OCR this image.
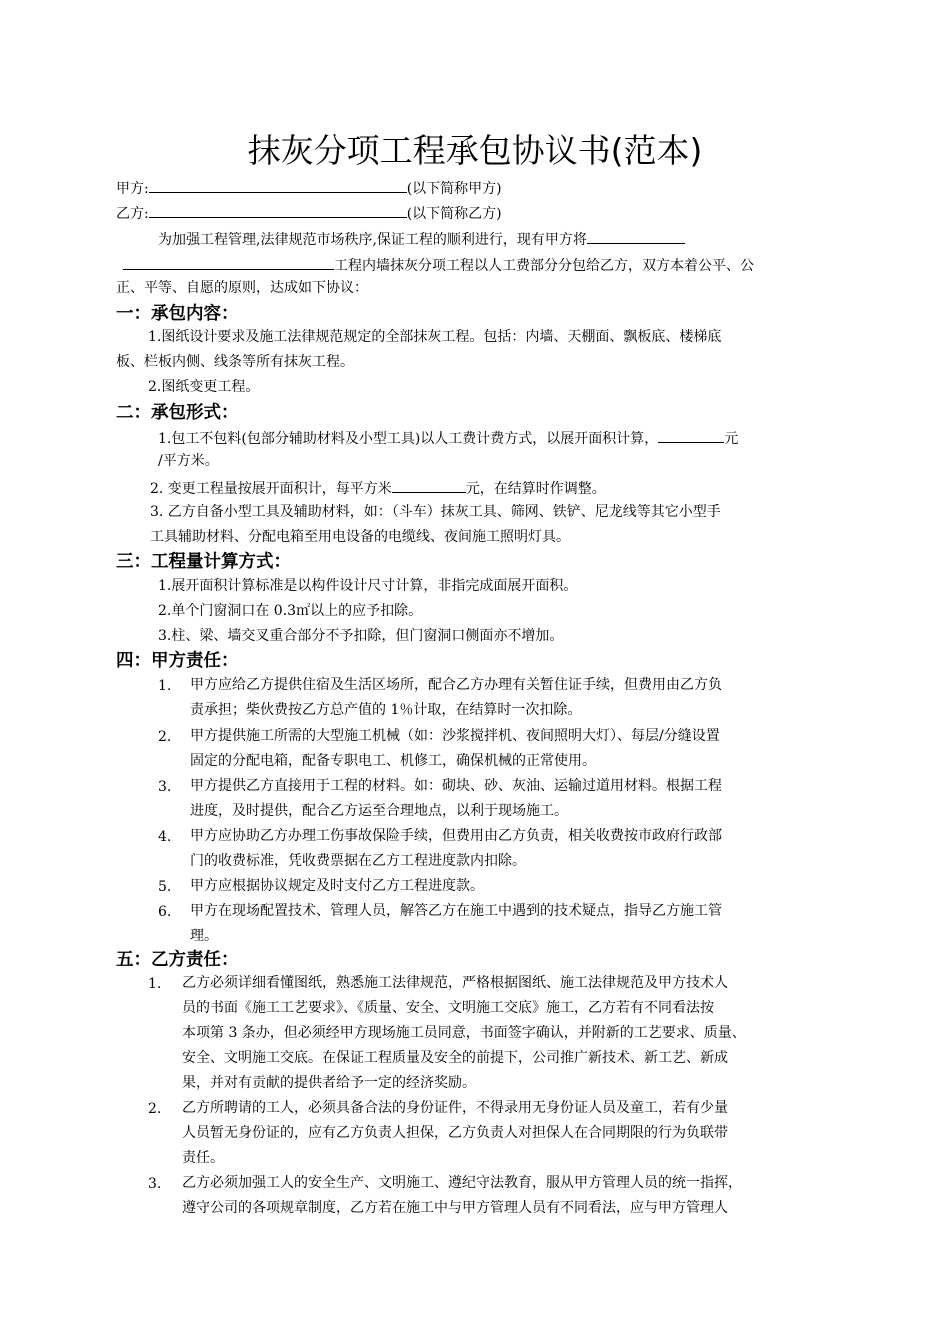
抹灰分项工程承包协议书(范本)
甲方:	(以下简称甲方)
乙方:	(以下简称乙方)
为加强工程管理,法律规范市场秩序,保证工程的顺利进行，现有甲方将
工程内墙抹灰分项工程以人工费部分分包给乙方，双方本着公平、公
正、平等、自愿的原则，达成如下协议：
一：承包内容：
1.图纸设计要求及施工法律规范规定的全部抹灰工程。包括：内墙、天棚面、飘板底、楼梯底
板、栏板内侧、线条等所有抹灰工程。
2.图纸变更工程。
二：承包形式：
1.包工不包料(包部分辅助材料及小型工具)以人工费计费方式，以展开面积计算，	元
/平方米。
2. 变更工程量按展开面积计，每平方米	元，在结算时作调整。
3. 乙方自备小型工具及辅助材料，如：（斗车）抹灰工具、筛网、铁铲、尼龙线等其它小型手
工具辅助材料、分配电箱至用电设备的电缆线、夜间施工照明灯具。
三：工程量计算方式：
1.展开面积计算标准是以构件设计尺寸计算，非指完成面展开面积。
2.单个门窗洞口在 0.3㎡以上的应予扣除。
3.柱、梁、墙交叉重合部分不予扣除，但门窗洞口侧面亦不增加。
四：甲方责任：
1. 甲方应给乙方提供住宿及生活区场所，配合乙方办理有关暂住证手续，但费用由乙方负

责承担；柴伙费按乙方总产值的 1％计取，在结算时一次扣除。

2. 甲方提供施工所需的大型施工机械（如：沙浆搅拌机、夜间照明大灯）、每层/分缝设置

固定的分配电箱，配备专职电工、机修工，确保机械的正常使用。

3. 甲方提供乙方直接用于工程的材料。如：砌块、砂、灰油、运输过道用材料。根据工程

进度，及时提供，配合乙方运至合理地点，以利于现场施工。

4. 甲方应协助乙方办理工伤事故保险手续，但费用由乙方负责，相关收费按市政府行政部

门的收费标准，凭收费票据在乙方工程进度款内扣除。

5. 甲方应根据协议规定及时支付乙方工程进度款。

6. 甲方在现场配置技术、管理人员，解答乙方在施工中遇到的技术疑点，指导乙方施工管

理。

五：乙方责任：
1. 乙方必须详细看懂图纸，熟悉施工法律规范，严格根据图纸、施工法律规范及甲方技术人

员的书面《施工工艺要求》、《质量、安全、文明施工交底》施工，乙方若有不同看法按

本项第 3 条办，但必须经甲方现场施工员同意，书面签字确认，并附新的工艺要求、质量、

安全、文明施工交底。在保证工程质量及安全的前提下，公司推广新技术、新工艺、新成

果，并对有贡献的提供者给予一定的经济奖励。

2. 乙方所聘请的工人，必须具备合法的身份证件，不得录用无身份证人员及童工，若有少量

人员暂无身份证的，应有乙方负责人担保，乙方负责人对担保人在合同期限的行为负联带

责任。

3. 乙方必须加强工人的安全生产、文明施工、遵纪守法教育，服从甲方管理人员的统一指挥，

遵守公司的各项规章制度，乙方若在施工中与甲方管理人员有不同看法，应与甲方管理人
